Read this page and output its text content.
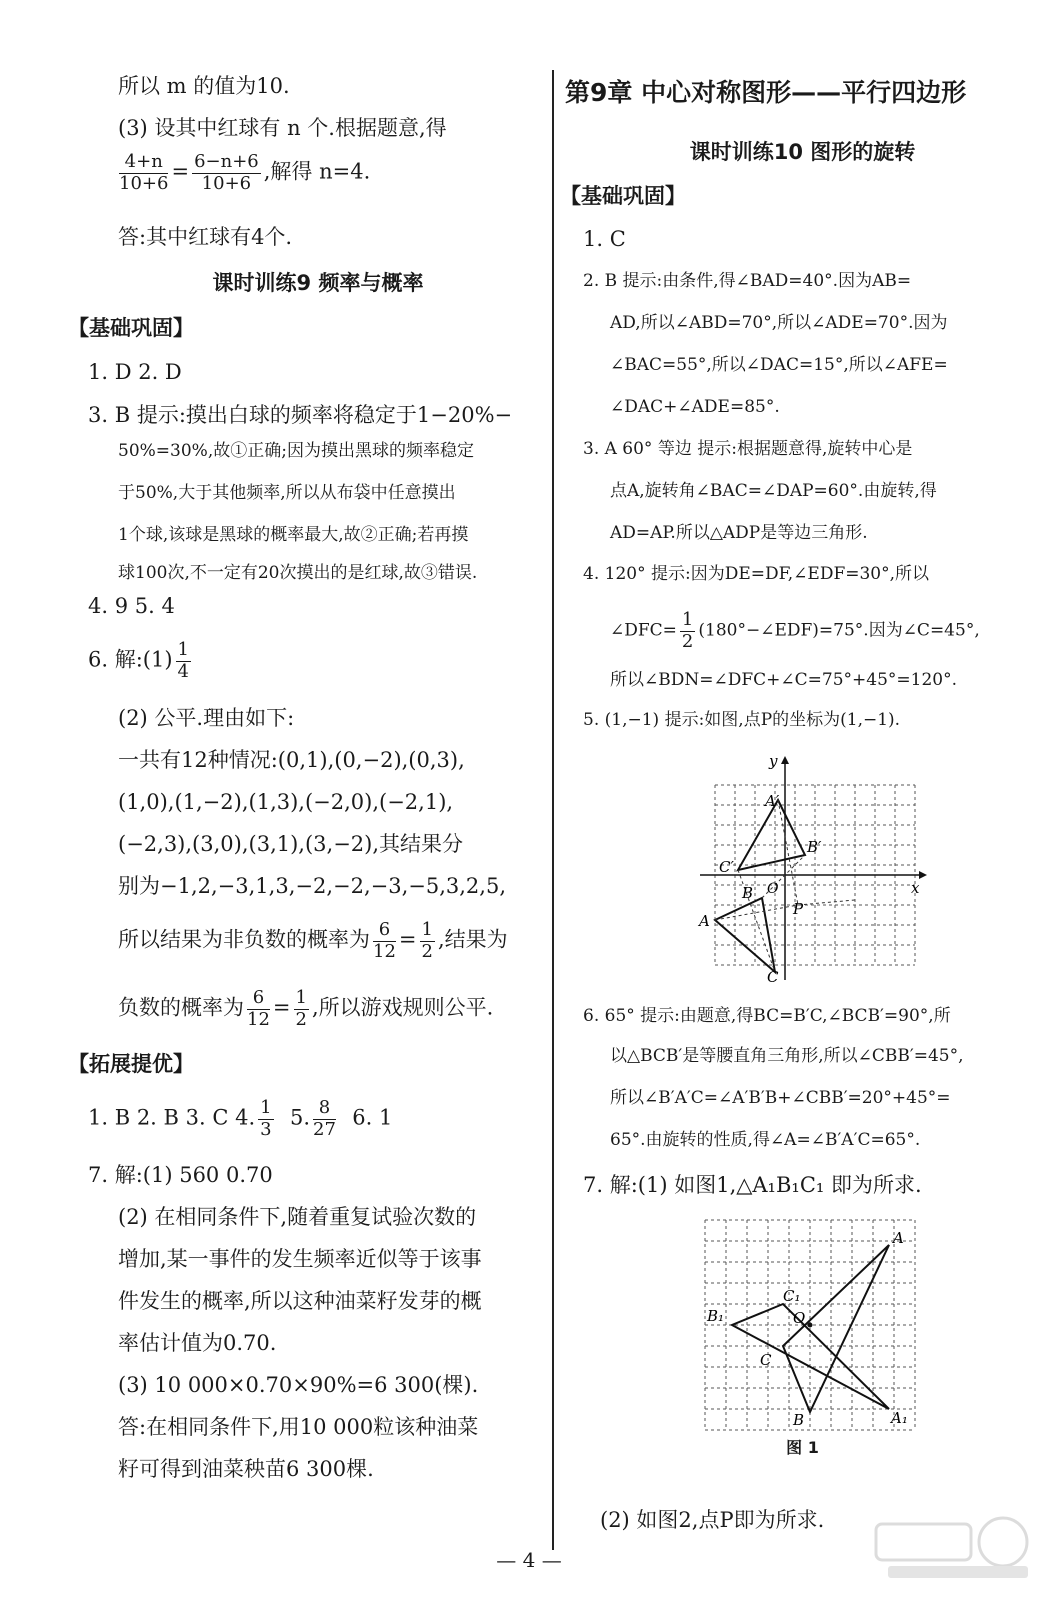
所以 m 的值为10.
(3) 设其中红球有 n 个.根据题意,得
$\frac{4+n}{10+6} = \frac{6-n+6}{10+6}$ ,解得 n=4.
答:其中红球有4个.
课时训练9 频率与概率
【基础巩固】
1. D 2. D
3. B 提示:摸出白球的频率将稳定于1−20%−
50%=30%,故①正确;因为摸出黑球的频率稳定
于50%,大于其他频率,所以从布袋中任意摸出
1个球,该球是黑球的概率最大,故②正确;若再摸
球100次,不一定有20次摸出的是红球,故③错误.
4. 9 5. 4
6. 解:(1) $\frac{1}{4}$
(2) 公平.理由如下:
一共有12种情况:(0,1),(0,−2),(0,3),
(1,0),(1,−2),(1,3),(−2,0),(−2,1),
(−2,3),(3,0),(3,1),(3,−2),其结果分
别为−1,2,−3,1,3,−2,−2,−3,−5,3,2,5,
所以结果为非负数的概率为 $\frac{6}{12} = \frac{1}{2}$ ,结果为
负数的概率为 $\frac{6}{12} = \frac{1}{2}$ ,所以游戏规则公平.
【拓展提优】
1. B 2. B 3. C 4. $\frac{1}{3} 5$. $\frac{8}{27} 6$. 1
7. 解:(1) 560 0.70
(2) 在相同条件下,随着重复试验次数的
增加,某一事件的发生频率近似等于该事
件发生的概率,所以这种油菜籽发芽的概
率估计值为0.70.
(3) 10 000×0.70×90%=6 300(棵).
答:在相同条件下,用10 000粒该种油菜
籽可得到油菜秧苗6 300棵.
第9章 中心对称图形——平行四边形
课时训练10 图形的旋转
【基础巩固】
1. C
2. B 提示:由条件,得∠BAD=40°.因为AB=
AD,所以∠ABD=70°,所以∠ADE=70°.因为
∠BAC=55°,所以∠DAC=15°,所以∠AFE=
∠DAC+∠ADE=85°.
3. A 60° 等边 提示:根据题意得,旋转中心是
点A,旋转角∠BAC=∠DAP=60°.由旋转,得
AD=AP.所以△ADP是等边三角形.
4. 120° 提示:因为DE=DF,∠EDF=30°,所以
∠DFC= $\frac{1}{2}$ (180°−∠EDF)=75°.因为∠C=45°,
所以∠BDN=∠DFC+∠C=75°+45°=120°.
5. (1,−1) 提示:如图,点P的坐标为(1,−1).
6. 65° 提示:由题意,得BC=B′C,∠BCB′=90°,所
以△BCB′是等腰直角三角形,所以∠CBB′=45°,
所以∠B′A′C=∠A′B′B+∠CBB′=20°+45°=
65°.由旋转的性质,得∠A=∠B′A′C=65°.
7. 解:(1) 如图1,△A₁B₁C₁ 即为所求.
图 1
(2) 如图2,点P即为所求.
y
x
A′
B′
C′
O
B
P
A
C
A
C₁
B₁	O
C
B	A₁
— 4 —
